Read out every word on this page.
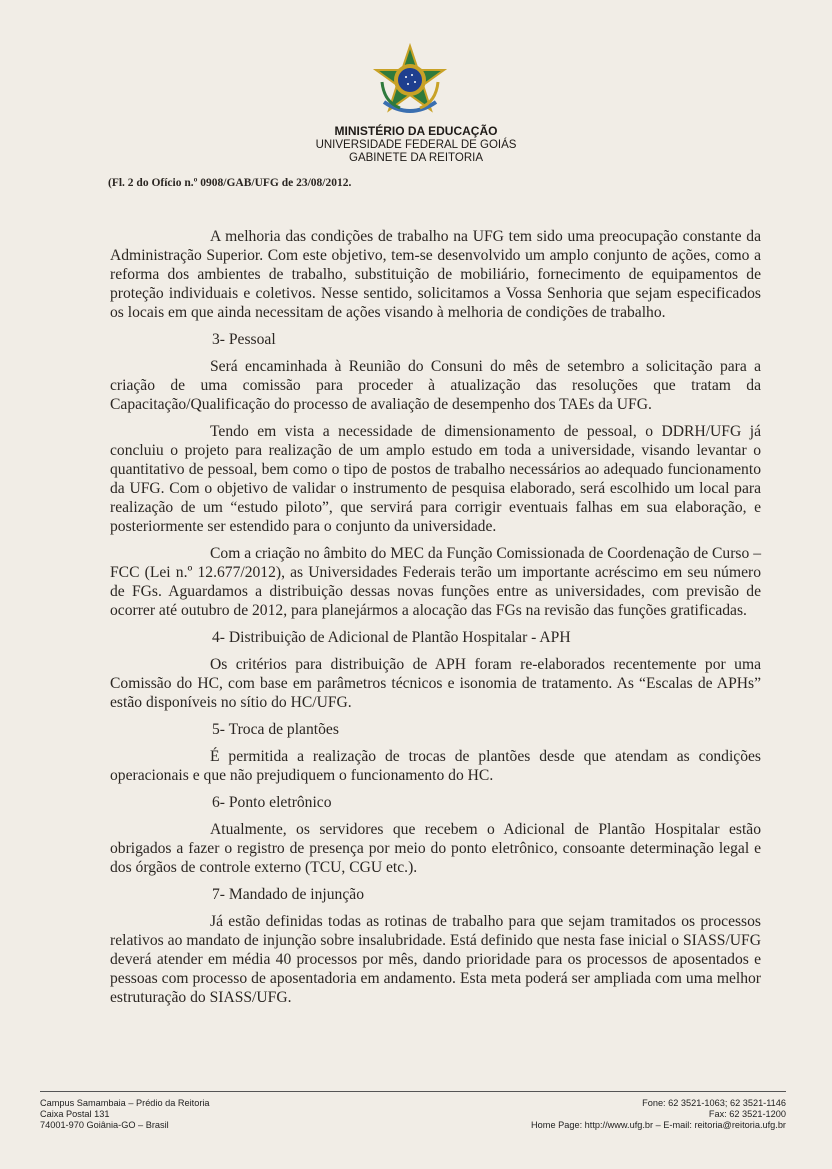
MINISTÉRIO DA EDUCAÇÃO
UNIVERSIDADE FEDERAL DE GOIÁS
GABINETE DA REITORIA
(Fl. 2 do Ofício n.º 0908/GAB/UFG de 23/08/2012.

A melhoria das condições de trabalho na UFG tem sido uma preocupação constante da Administração Superior. Com este objetivo, tem-se desenvolvido um amplo conjunto de ações, como a reforma dos ambientes de trabalho, substituição de mobiliário, fornecimento de equipamentos de proteção individuais e coletivos. Nesse sentido, solicitamos a Vossa Senhoria que sejam especificados os locais em que ainda necessitam de ações visando à melhoria de condições de trabalho.

3- Pessoal

Será encaminhada à Reunião do Consuni do mês de setembro a solicitação para a criação de uma comissão para proceder à atualização das resoluções que tratam da Capacitação/Qualificação do processo de avaliação de desempenho dos TAEs da UFG.

Tendo em vista a necessidade de dimensionamento de pessoal, o DDRH/UFG já concluiu o projeto para realização de um amplo estudo em toda a universidade, visando levantar o quantitativo de pessoal, bem como o tipo de postos de trabalho necessários ao adequado funcionamento da UFG. Com o objetivo de validar o instrumento de pesquisa elaborado, será escolhido um local para realização de um “estudo piloto”, que servirá para corrigir eventuais falhas em sua elaboração, e posteriormente ser estendido para o conjunto da universidade.

Com a criação no âmbito do MEC da Função Comissionada de Coordenação de Curso – FCC (Lei n.º 12.677/2012), as Universidades Federais terão um importante acréscimo em seu número de FGs. Aguardamos a distribuição dessas novas funções entre as universidades, com previsão de ocorrer até outubro de 2012, para planejármos a alocação das FGs na revisão das funções gratificadas.

4- Distribuição de Adicional de Plantão Hospitalar - APH

Os critérios para distribuição de APH foram re-elaborados recentemente por uma Comissão do HC, com base em parâmetros técnicos e isonomia de tratamento. As “Escalas de APHs” estão disponíveis no sítio do HC/UFG.

5- Troca de plantões

É permitida a realização de trocas de plantões desde que atendam as condições operacionais e que não prejudiquem o funcionamento do HC.

6- Ponto eletrônico

Atualmente, os servidores que recebem o Adicional de Plantão Hospitalar estão obrigados a fazer o registro de presença por meio do ponto eletrônico, consoante determinação legal e dos órgãos de controle externo (TCU, CGU etc.).

7- Mandado de injunção

Já estão definidas todas as rotinas de trabalho para que sejam tramitados os processos relativos ao mandato de injunção sobre insalubridade. Está definido que nesta fase inicial o SIASS/UFG deverá atender em média 40 processos por mês, dando prioridade para os processos de aposentados e pessoas com processo de aposentadoria em andamento. Esta meta poderá ser ampliada com uma melhor estruturação do SIASS/UFG.

Campus Samambaia – Prédio da Reitoria
Caixa Postal 131
74001-970 Goiânia-GO – Brasil
Fone: 62 3521-1063; 62 3521-1146
Fax: 62 3521-1200
Home Page: http://www.ufg.br – E-mail: reitoria@reitoria.ufg.br
